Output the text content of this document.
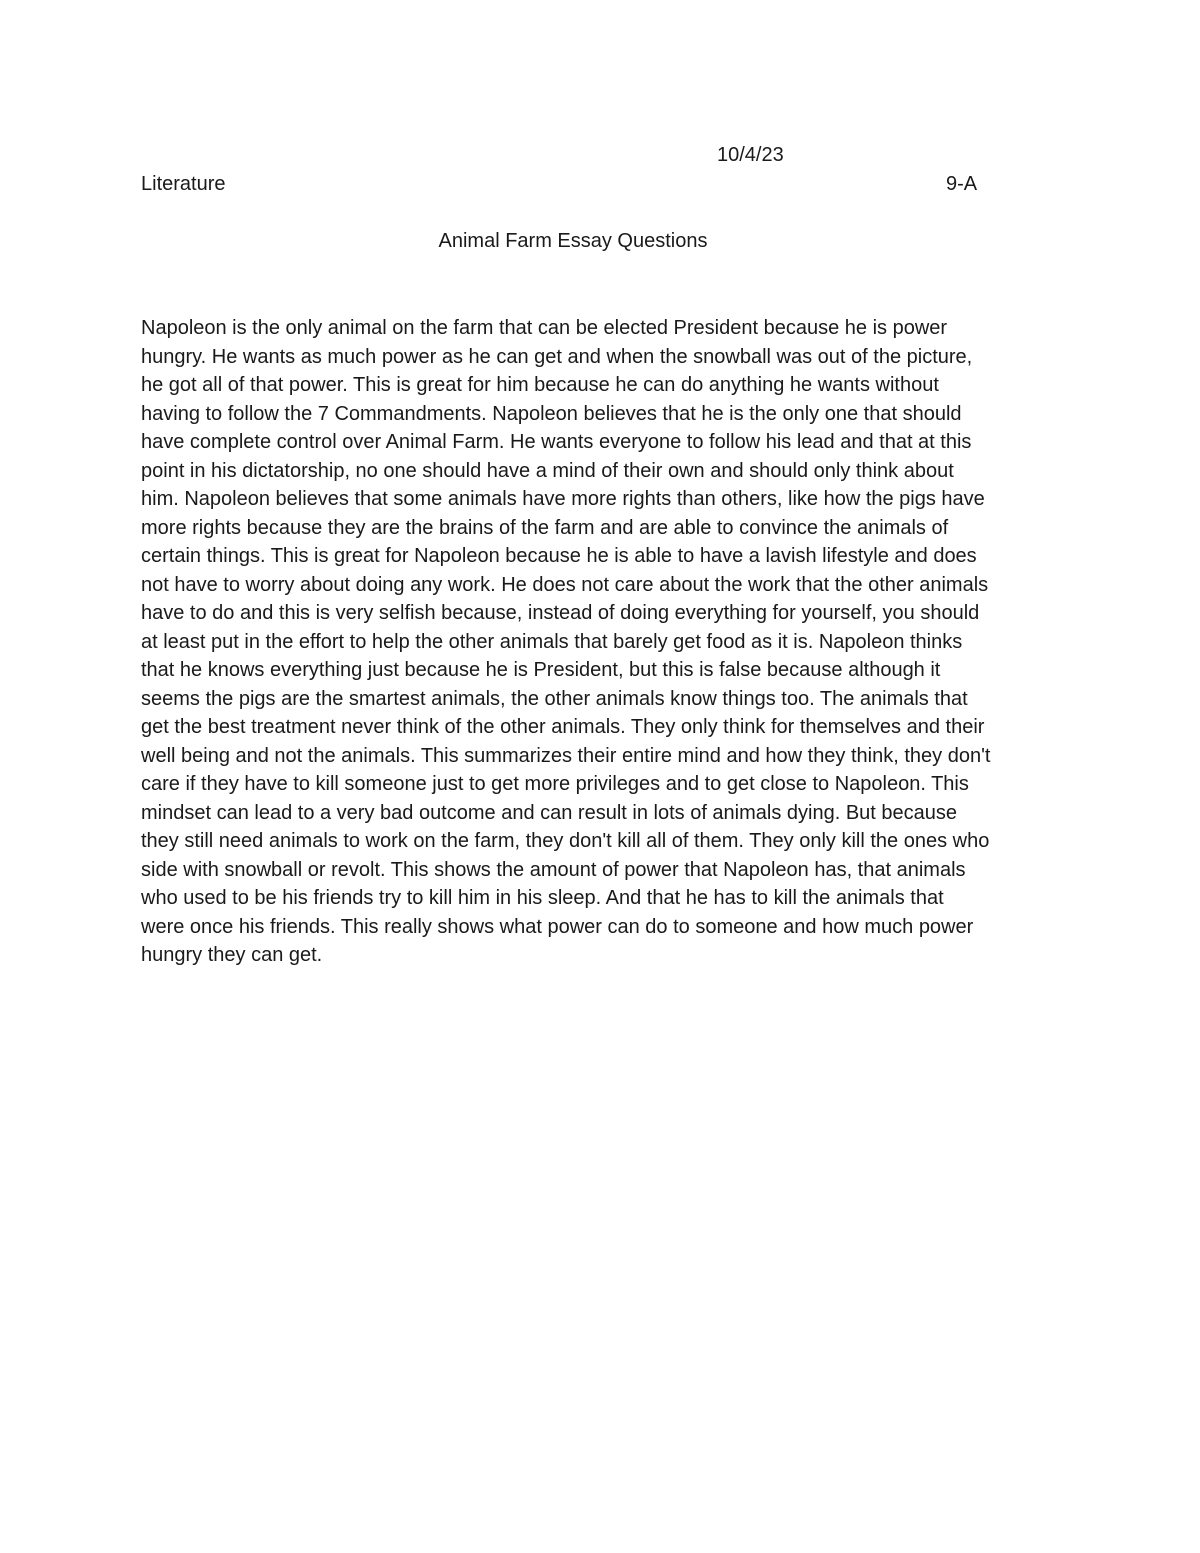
10/4/23
Literature	9-A
Animal Farm Essay Questions
Napoleon is the only animal on the farm that can be elected President because he is power
hungry. He wants as much power as he can get and when the snowball was out of the picture,
he got all of that power. This is great for him because he can do anything he wants without
having to follow the 7 Commandments. Napoleon believes that he is the only one that should
have complete control over Animal Farm. He wants everyone to follow his lead and that at this
point in his dictatorship, no one should have a mind of their own and should only think about
him. Napoleon believes that some animals have more rights than others, like how the pigs have
more rights because they are the brains of the farm and are able to convince the animals of
certain things. This is great for Napoleon because he is able to have a lavish lifestyle and does
not have to worry about doing any work. He does not care about the work that the other animals
have to do and this is very selfish because, instead of doing everything for yourself, you should
at least put in the effort to help the other animals that barely get food as it is. Napoleon thinks
that he knows everything just because he is President, but this is false because although it
seems the pigs are the smartest animals, the other animals know things too. The animals that
get the best treatment never think of the other animals. They only think for themselves and their
well being and not the animals. This summarizes their entire mind and how they think, they don't
care if they have to kill someone just to get more privileges and to get close to Napoleon. This
mindset can lead to a very bad outcome and can result in lots of animals dying. But because
they still need animals to work on the farm, they don't kill all of them. They only kill the ones who
side with snowball or revolt. This shows the amount of power that Napoleon has, that animals
who used to be his friends try to kill him in his sleep. And that he has to kill the animals that
were once his friends. This really shows what power can do to someone and how much power
hungry they can get.
